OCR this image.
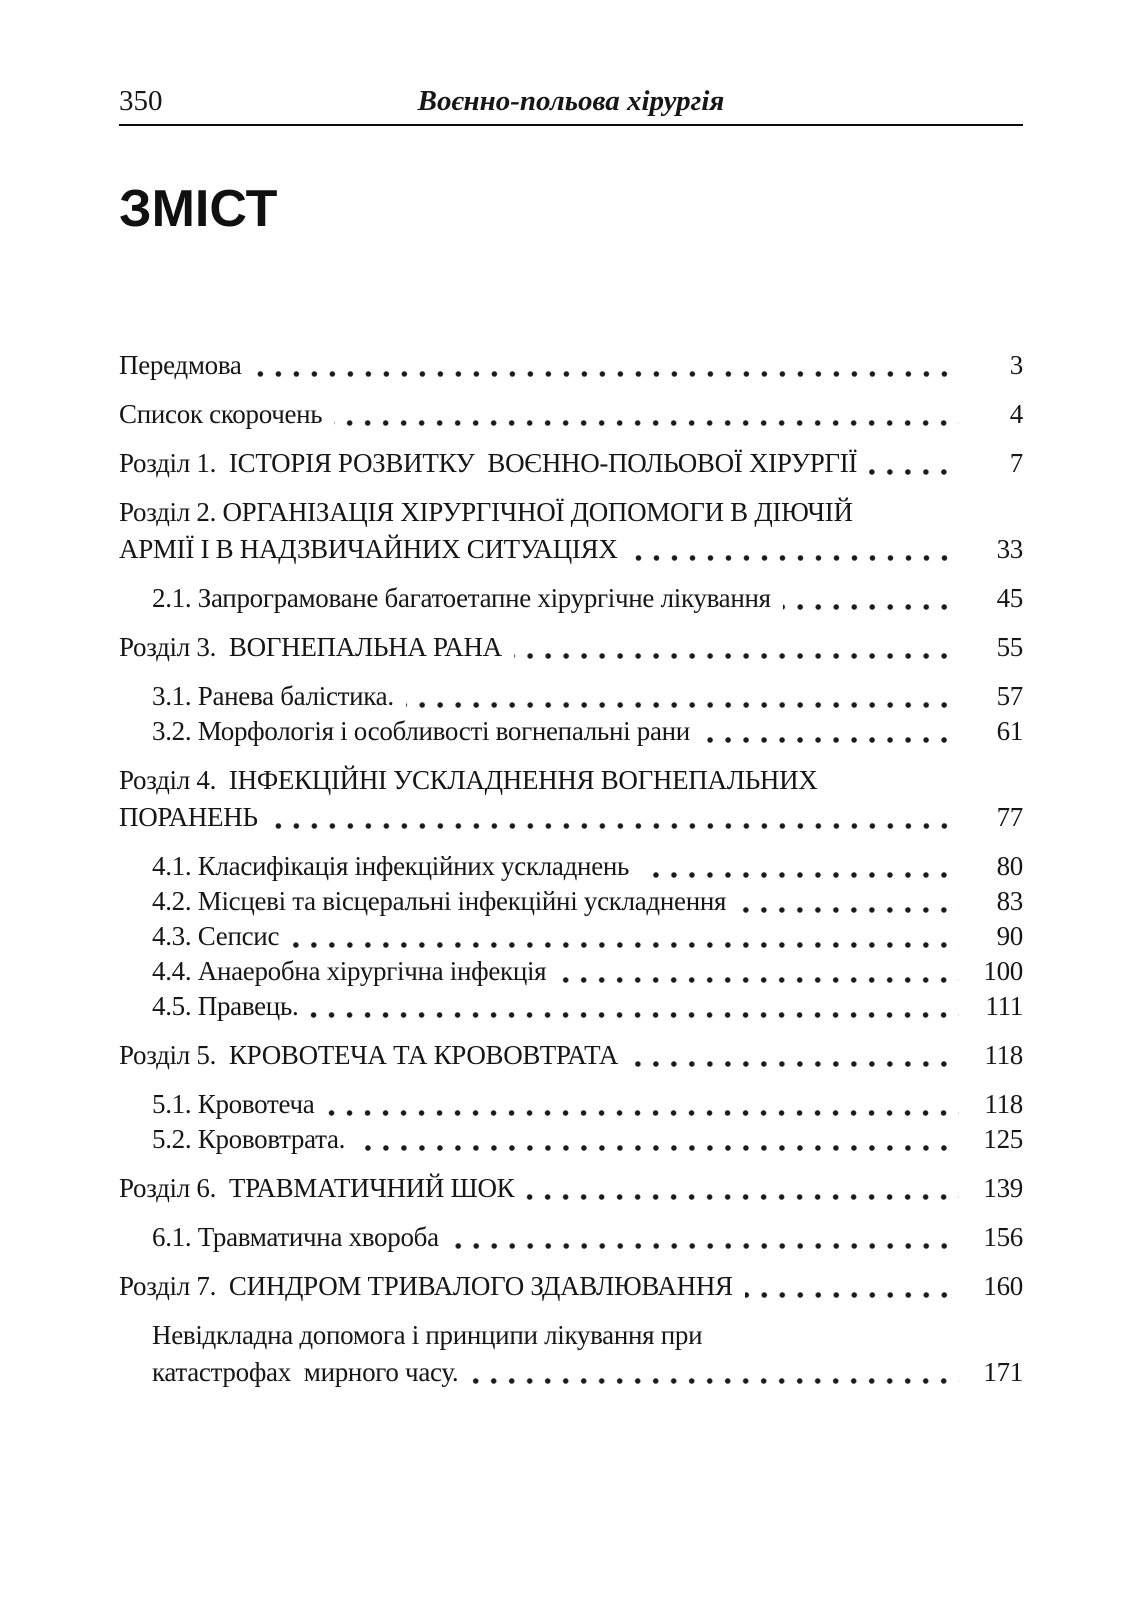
350	Воєнно-польова хірургія
ЗМІСТ
Передмова	3
Список скорочень	4
Розділ 1.  ІСТОРІЯ РОЗВИТКУ  ВОЄННО-ПОЛЬОВОЇ ХІРУРГІЇ	7
Розділ 2. ОРГАНІЗАЦІЯ ХІРУРГІЧНОЇ ДОПОМОГИ В ДІЮЧІЙ
АРМІЇ І В НАДЗВИЧАЙНИХ СИТУАЦІЯХ	33
2.1. Запрограмоване багатоетапне хірургічне лікування	45
Розділ 3.  ВОГНЕПАЛЬНА РАНА	55
3.1. Ранева балістика.	57
3.2. Морфологія і особливості вогнепальні рани	61
Розділ 4.  ІНФЕКЦІЙНІ УСКЛАДНЕННЯ ВОГНЕПАЛЬНИХ
ПОРАНЕНЬ	77
4.1. Класифікація інфекційних ускладнень	80
4.2. Місцеві та вісцеральні інфекційні ускладнення	83
4.3. Сепсис	90
4.4. Анаеробна хірургічна інфекція	100
4.5. Правець.	111
Розділ 5.  КРОВОТЕЧА ТА КРОВОВТРАТА	118
5.1. Кровотеча	118
5.2. Крововтрата.	125
Розділ 6.  ТРАВМАТИЧНИЙ ШОК	139
6.1. Травматична хвороба	156
Розділ 7.  СИНДРОМ ТРИВАЛОГО ЗДАВЛЮВАННЯ	160
Невідкладна допомога і принципи лікування при
катастрофах  мирного часу.	171
